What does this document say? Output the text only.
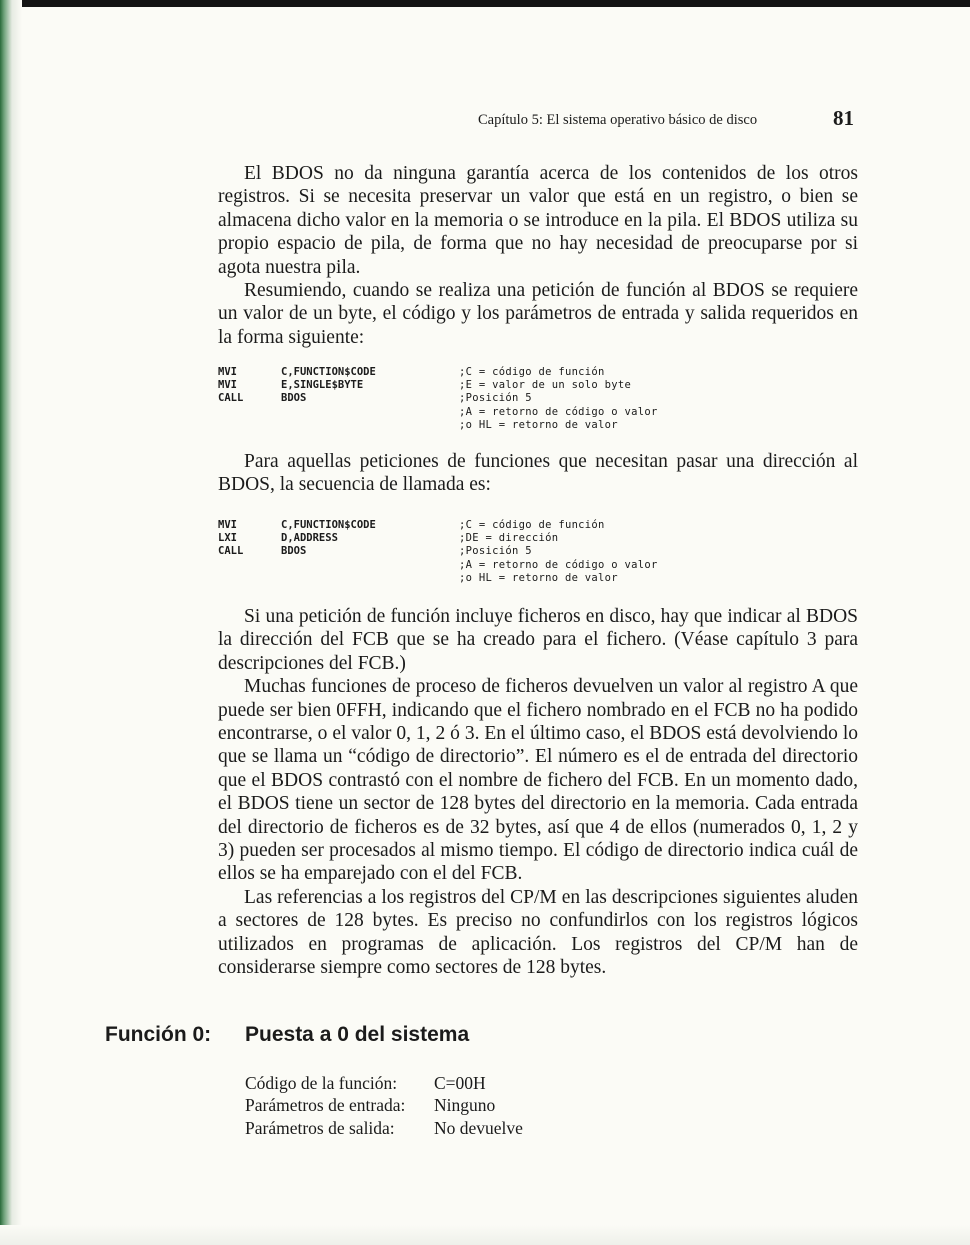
Capítulo 5: El sistema operativo básico de disco	81

El BDOS no da ninguna garantía acerca de los contenidos de los otros registros. Si se necesita preservar un valor que está en un registro, o bien se almacena dicho valor en la memoria o se introduce en la pila. El BDOS utiliza su propio espacio de pila, de forma que no hay necesidad de preocuparse por si agota nuestra pila.

Resumiendo, cuando se realiza una petición de función al BDOS se requiere un valor de un byte, el código y los parámetros de entrada y salida requeridos en la forma siguiente:

MVI	C,FUNCTION$CODE	;C = código de función
MVI	E,SINGLE$BYTE	;E = valor de un solo byte
CALL	BDOS	;Posición 5
;A = retorno de código o valor
;o HL = retorno de valor

Para aquellas peticiones de funciones que necesitan pasar una dirección al BDOS, la secuencia de llamada es:

MVI	C,FUNCTION$CODE	;C = código de función
LXI	D,ADDRESS	;DE = dirección
CALL	BDOS	;Posición 5
;A = retorno de código o valor
;o HL = retorno de valor

Si una petición de función incluye ficheros en disco, hay que indicar al BDOS la dirección del FCB que se ha creado para el fichero. (Véase capítulo 3 para descripciones del FCB.)

Muchas funciones de proceso de ficheros devuelven un valor al registro A que puede ser bien 0FFH, indicando que el fichero nombrado en el FCB no ha podido encontrarse, o el valor 0, 1, 2 ó 3. En el último caso, el BDOS está devolviendo lo que se llama un “código de directorio”. El número es el de entrada del directorio que el BDOS contrastó con el nombre de fichero del FCB. En un momento dado, el BDOS tiene un sector de 128 bytes del directorio en la memoria. Cada entrada del directorio de ficheros es de 32 bytes, así que 4 de ellos (numerados 0, 1, 2 y 3) pueden ser procesados al mismo tiempo. El código de directorio indica cuál de ellos se ha emparejado con el del FCB.

Las referencias a los registros del CP/M en las descripciones siguientes aluden a sectores de 128 bytes. Es preciso no confundirlos con los registros lógicos utilizados en programas de aplicación. Los registros del CP/M han de considerarse siempre como sectores de 128 bytes.

Función 0: Puesta a 0 del sistema
Código de la función: C=00H
Parámetros de entrada: Ninguno
Parámetros de salida: No devuelve
